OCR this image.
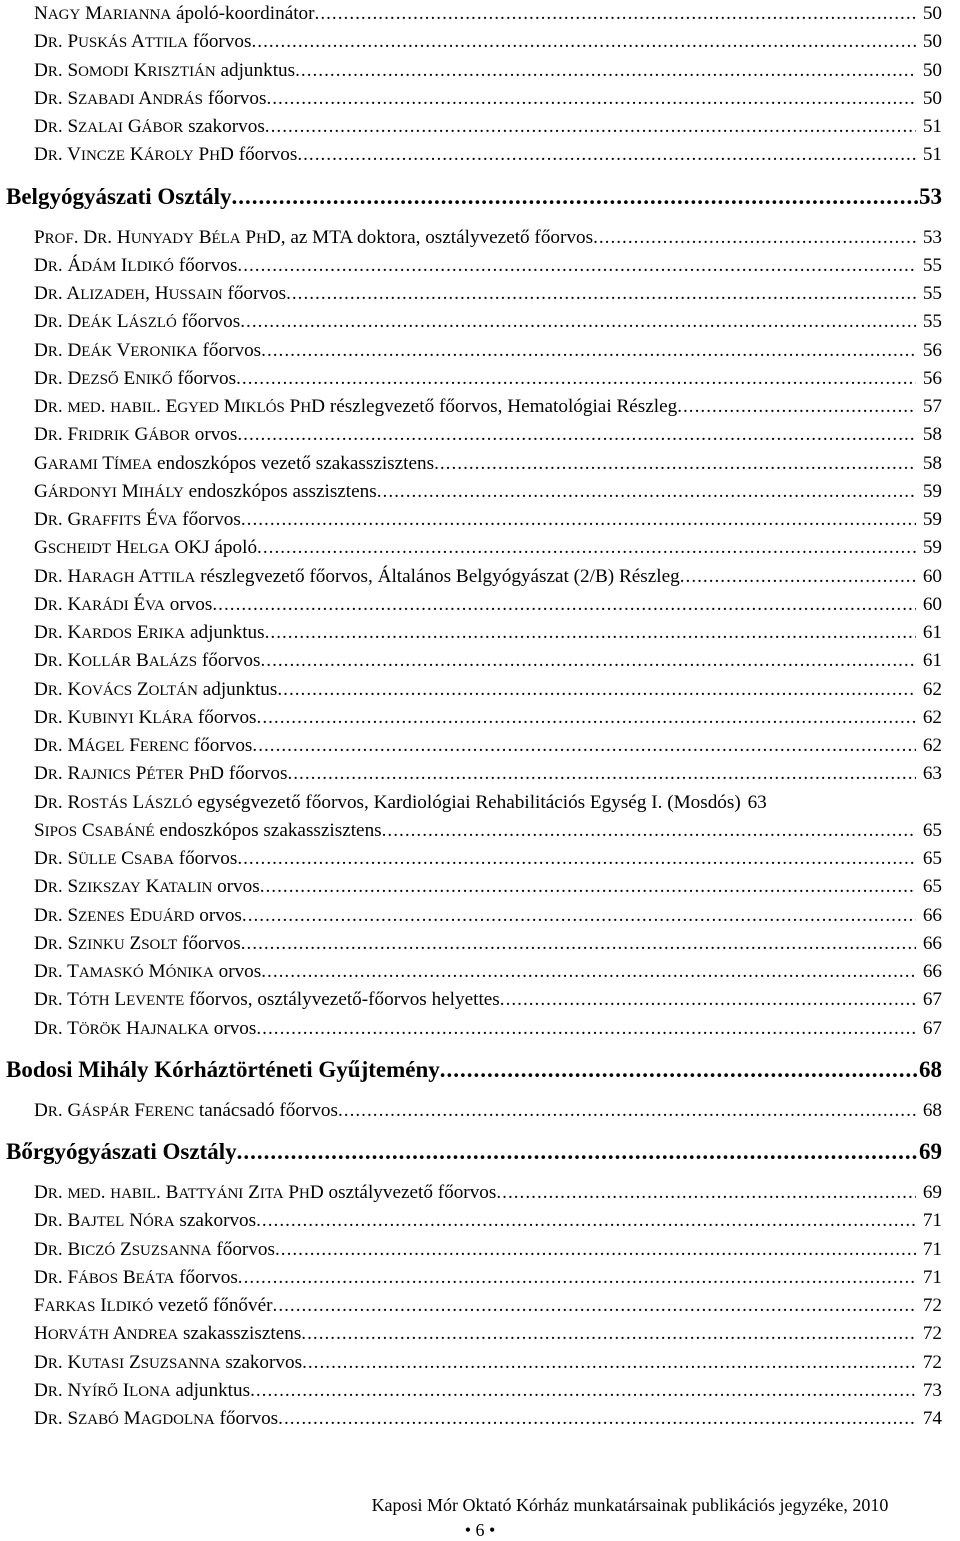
NAGY MARIANNA ápoló-koordinátor .....	50
DR. PUSKÁS ATTILA főorvos .....	50
DR. SOMODI KRISZTIÁN adjunktus .....	50
DR. SZABADI ANDRÁS főorvos .....	50
DR. SZALAI GÁBOR szakorvos .....	51
DR. VINCZE KÁROLY PHD főorvos .....	51
Belgyógyászati Osztály .....	53
PROF. DR. HUNYADY BÉLA PHD, az MTA doktora, osztályvezető főorvos .....	53
DR. ÁDÁM ILDIKÓ főorvos .....	55
DR. ALIZADEH, HUSSAIN főorvos .....	55
DR. DEÁK LÁSZLÓ főorvos .....	55
DR. DEÁK VERONIKA főorvos .....	56
DR. DEZSŐ ENIKŐ főorvos .....	56
DR. MED. HABIL. EGYED MIKLÓS PHD részlegvezető főorvos, Hematológiai Részleg .....	57
DR. FRIDRIK GÁBOR orvos .....	58
GARAMI TÍMEA endoszkópos vezető szakasszisztens .....	58
GÁRDONYI MIHÁLY endoszkópos asszisztens .....	59
DR. GRAFFITS ÉVA főorvos .....	59
GSCHEIDT HELGA OKJ ápoló .....	59
DR. HARAGH ATTILA részlegvezető főorvos, Általános Belgyógyászat (2/B) Részleg .....	60
DR. KARÁDI ÉVA orvos .....	60
DR. KARDOS ERIKA adjunktus .....	61
DR. KOLLÁR BALÁZS főorvos .....	61
DR. KOVÁCS ZOLTÁN adjunktus .....	62
DR. KUBINYI KLÁRA főorvos .....	62
DR. MÁGEL FERENC főorvos .....	62
DR. RAJNICS PÉTER PHD főorvos .....	63
DR. ROSTÁS LÁSZLÓ egységvezető főorvos, Kardiológiai Rehabilitációs Egység I. (Mosdós) 63
SIPOS CSABÁNÉ endoszkópos szakasszisztens .....	65
DR. SÜLLE CSABA főorvos .....	65
DR. SZIKSZAY KATALIN orvos .....	65
DR. SZENES EDUÁRD orvos .....	66
DR. SZINKU ZSOLT főorvos .....	66
DR. TAMASKÓ MÓNIKA orvos .....	66
DR. TÓTH LEVENTE főorvos, osztályvezető-főorvos helyettes .....	67
DR. TÖRÖK HAJNALKA orvos .....	67
Bodosi Mihály Kórháztörténeti Gyűjtemény .....	68
DR. GÁSPÁR FERENC tanácsadó főorvos .....	68
Bőrgyógyászati Osztály .....	69
DR. MED. HABIL. BATTYÁNI ZITA PHD osztályvezető főorvos .....	69
DR. BAJTEL NÓRA szakorvos .....	71
DR. BICZÓ ZSUZSANNA főorvos .....	71
DR. FÁBOS BEÁTA főorvos .....	71
FARKAS ILDIKÓ vezető főnővér .....	72
HORVÁTH ANDREA szakasszisztens .....	72
DR. KUTASI ZSUZSANNA szakorvos .....	72
DR. NYÍRŐ ILONA adjunktus .....	73
DR. SZABÓ MAGDOLNA főorvos .....	74
Kaposi Mór Oktató Kórház munkatársainak publikációs jegyzéke, 2010
• 6 •
